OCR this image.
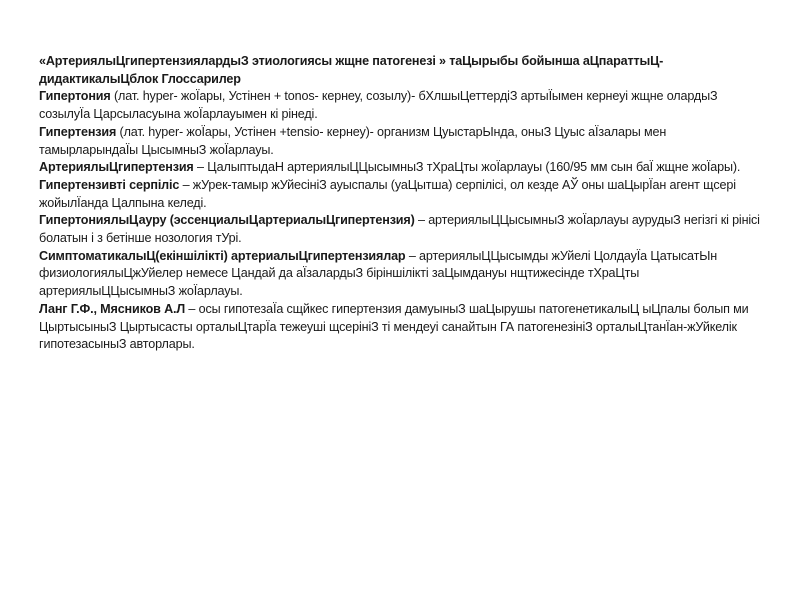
«АртериялыЦгипертензиялардыЗ этиологиясы жщне патогенезі » таЦырыбы бойынша аЦпараттыЦ-дидактикалыЦблок Глоссарилер

Гипертония (лат. hyper- жоЇары, Устінен + tonos- кернеу, созылу)- бХлшыЦеттердіЗ артыЇымен кернеуі жщне олардыЗ созылуЇа Царсыласуына жоЇарлауымен кі рінеді.

Гипертензия (лат. hyper- жоЇары, Устінен +tensio- кернеу)- организм ЦуыстарЫнда, оныЗ Цуыс аЇзалары мен тамырларындаЇы ЦысымныЗ жоЇарлауы.

АртериялыЦгипертензия – ЦалыптыдаН артериялыЦЦысымныЗ тХраЦты жоЇарлауы (160/95 мм сын баЇ жщне жоЇары).

Гипертензивті серпіліс – жУрек-тамыр жУйесініЗ ауыспалы (уаЦытша) серпілісі, ол кезде АЎ оны шаЦырЇан агент щсері жойылЇанда Цалпына келеді.

ГипертониялыЦауру (эссенциалыЦартериалыЦгипертензия) – артериялыЦЦысымныЗ жоЇарлауы аурудыЗ негізгі кі рінісі болатын і з бетінше нозология тУрі.

СимптоматикалыЦ(екіншілікті) артериалыЦгипертензиялар – артериялыЦЦысымды жУйелі ЦолдауЇа ЦатысатЫн физиологиялыЦжУйелер немесе Цандай да аЇзалардыЗ біріншілікті заЦымдануы нщтижесінде тХраЦты артериялыЦЦысымныЗ жоЇарлауы.

Ланг Г.Ф., Мясников А.Л – осы гипотезаЇа сщйкес гипертензия дамуыныЗ шаЦырушы патогенетикалыЦ ыЦпалы болып ми ЦыртысыныЗ Цыртысасты орталыЦтарЇа тежеуші щсерініЗ ті мендеуі санайтын ГА патогенезініЗ орталыЦтанЇан-жУйкелік гипотезасыныЗ авторлары.
